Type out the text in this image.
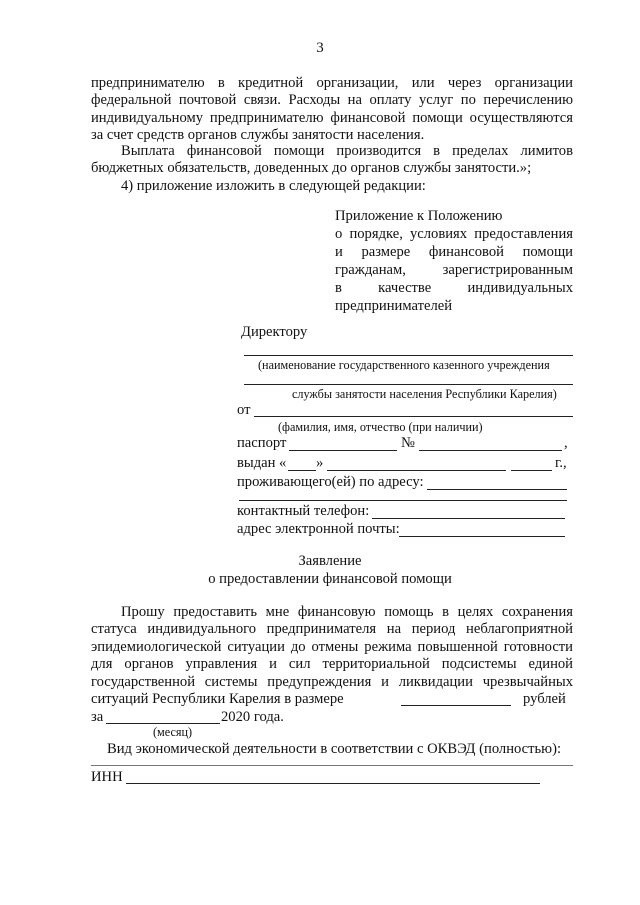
3
предпринимателю в кредитной организации, или через организации
федеральной почтовой связи. Расходы на оплату услуг по перечислению
индивидуальному предпринимателю финансовой помощи осуществляются
за счет средств органов службы занятости населения.
Выплата финансовой помощи производится в пределах лимитов
бюджетных обязательств, доведенных до органов службы занятости.»;
4) приложение изложить в следующей редакции:
Приложение к Положению
о порядке, условиях предоставления
и размере финансовой помощи
гражданам, зарегистрированным
в качестве индивидуальных
предпринимателей
Директору
(наименование государственного казенного учреждения
службы занятости населения Республики Карелия)
от
(фамилия, имя, отчество (при наличии)
паспорт	№	,
выдан « »	г.,
проживающего(ей) по адресу:
контактный телефон:
адрес электронной почты:
Заявление
о предоставлении финансовой помощи
Прошу предоставить мне финансовую помощь в целях сохранения
статуса индивидуального предпринимателя на период неблагоприятной
эпидемиологической ситуации до отмены режима повышенной готовности
для органов управления и сил территориальной подсистемы единой
государственной системы предупреждения и ликвидации чрезвычайных
ситуаций Республики Карелия в размере	рублей
за	2020 года.
(месяц)
Вид экономической деятельности в соответствии с ОКВЭД (полностью):
ИНН
